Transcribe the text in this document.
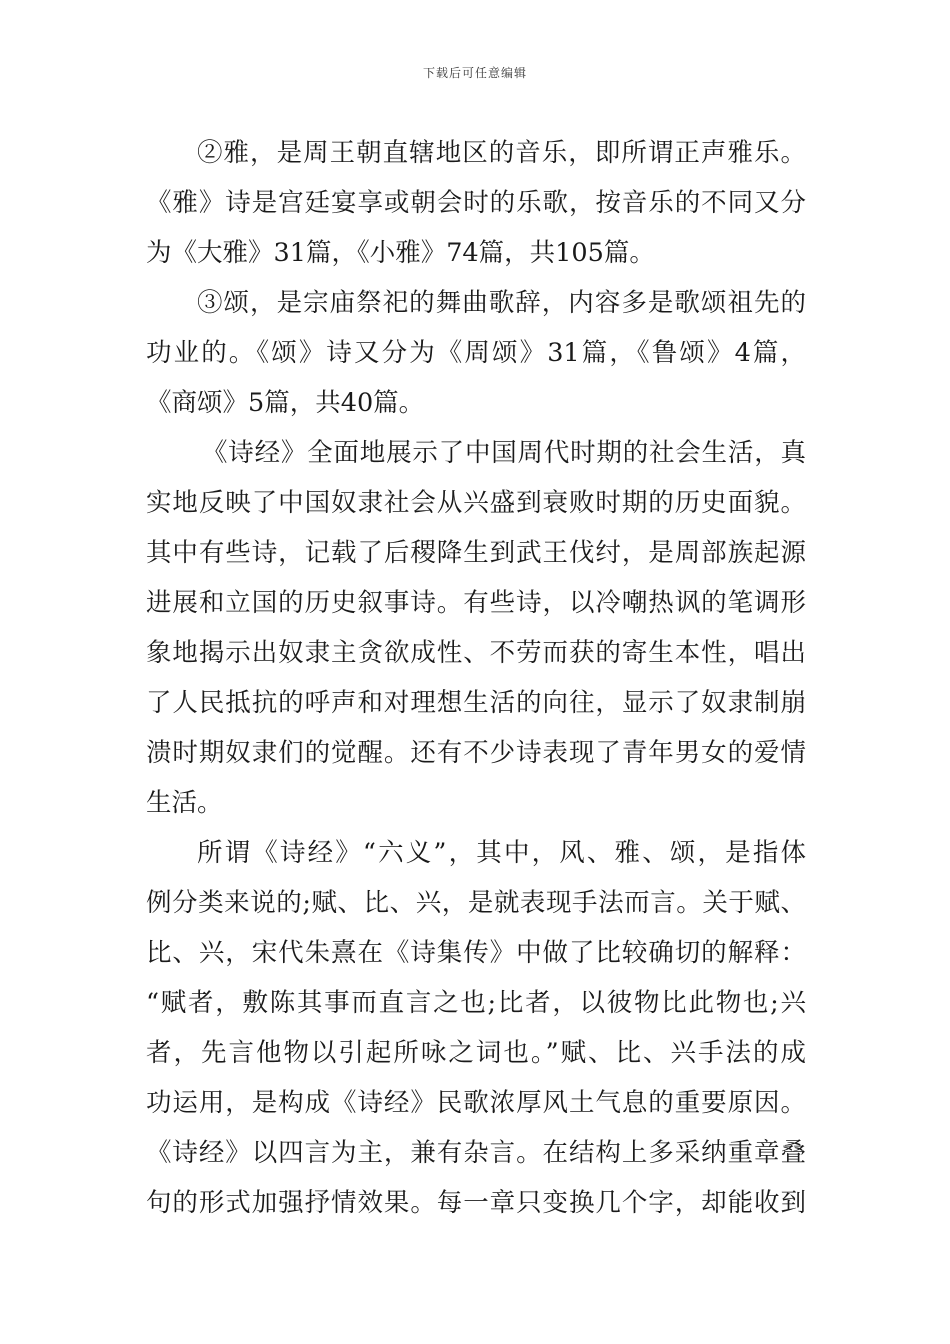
下载后可任意编辑
②雅，是周王朝直辖地区的音乐，即所谓正声雅乐。
《雅》诗是宫廷宴享或朝会时的乐歌，按音乐的不同又分
为《大雅》31篇，《小雅》74篇，共105篇。
③颂，是宗庙祭祀的舞曲歌辞，内容多是歌颂祖先的
功业的。《颂》诗又分为《周颂》31篇，《鲁颂》4篇，
《商颂》5篇，共40篇。
《诗经》全面地展示了中国周代时期的社会生活，真
实地反映了中国奴隶社会从兴盛到衰败时期的历史面貌。
其中有些诗，记载了后稷降生到武王伐纣，是周部族起源
进展和立国的历史叙事诗。有些诗，以冷嘲热讽的笔调形
象地揭示出奴隶主贪欲成性、不劳而获的寄生本性，唱出
了人民抵抗的呼声和对理想生活的向往，显示了奴隶制崩
溃时期奴隶们的觉醒。还有不少诗表现了青年男女的爱情
生活。
所谓《诗经》“六义”，其中，风、雅、颂，是指体
例分类来说的;赋、比、兴，是就表现手法而言。关于赋、
比、兴，宋代朱熹在《诗集传》中做了比较确切的解释：
“赋者，敷陈其事而直言之也;比者，以彼物比此物也;兴
者，先言他物以引起所咏之词也。”赋、比、兴手法的成
功运用，是构成《诗经》民歌浓厚风土气息的重要原因。
《诗经》以四言为主，兼有杂言。在结构上多采纳重章叠
句的形式加强抒情效果。每一章只变换几个字，却能收到
